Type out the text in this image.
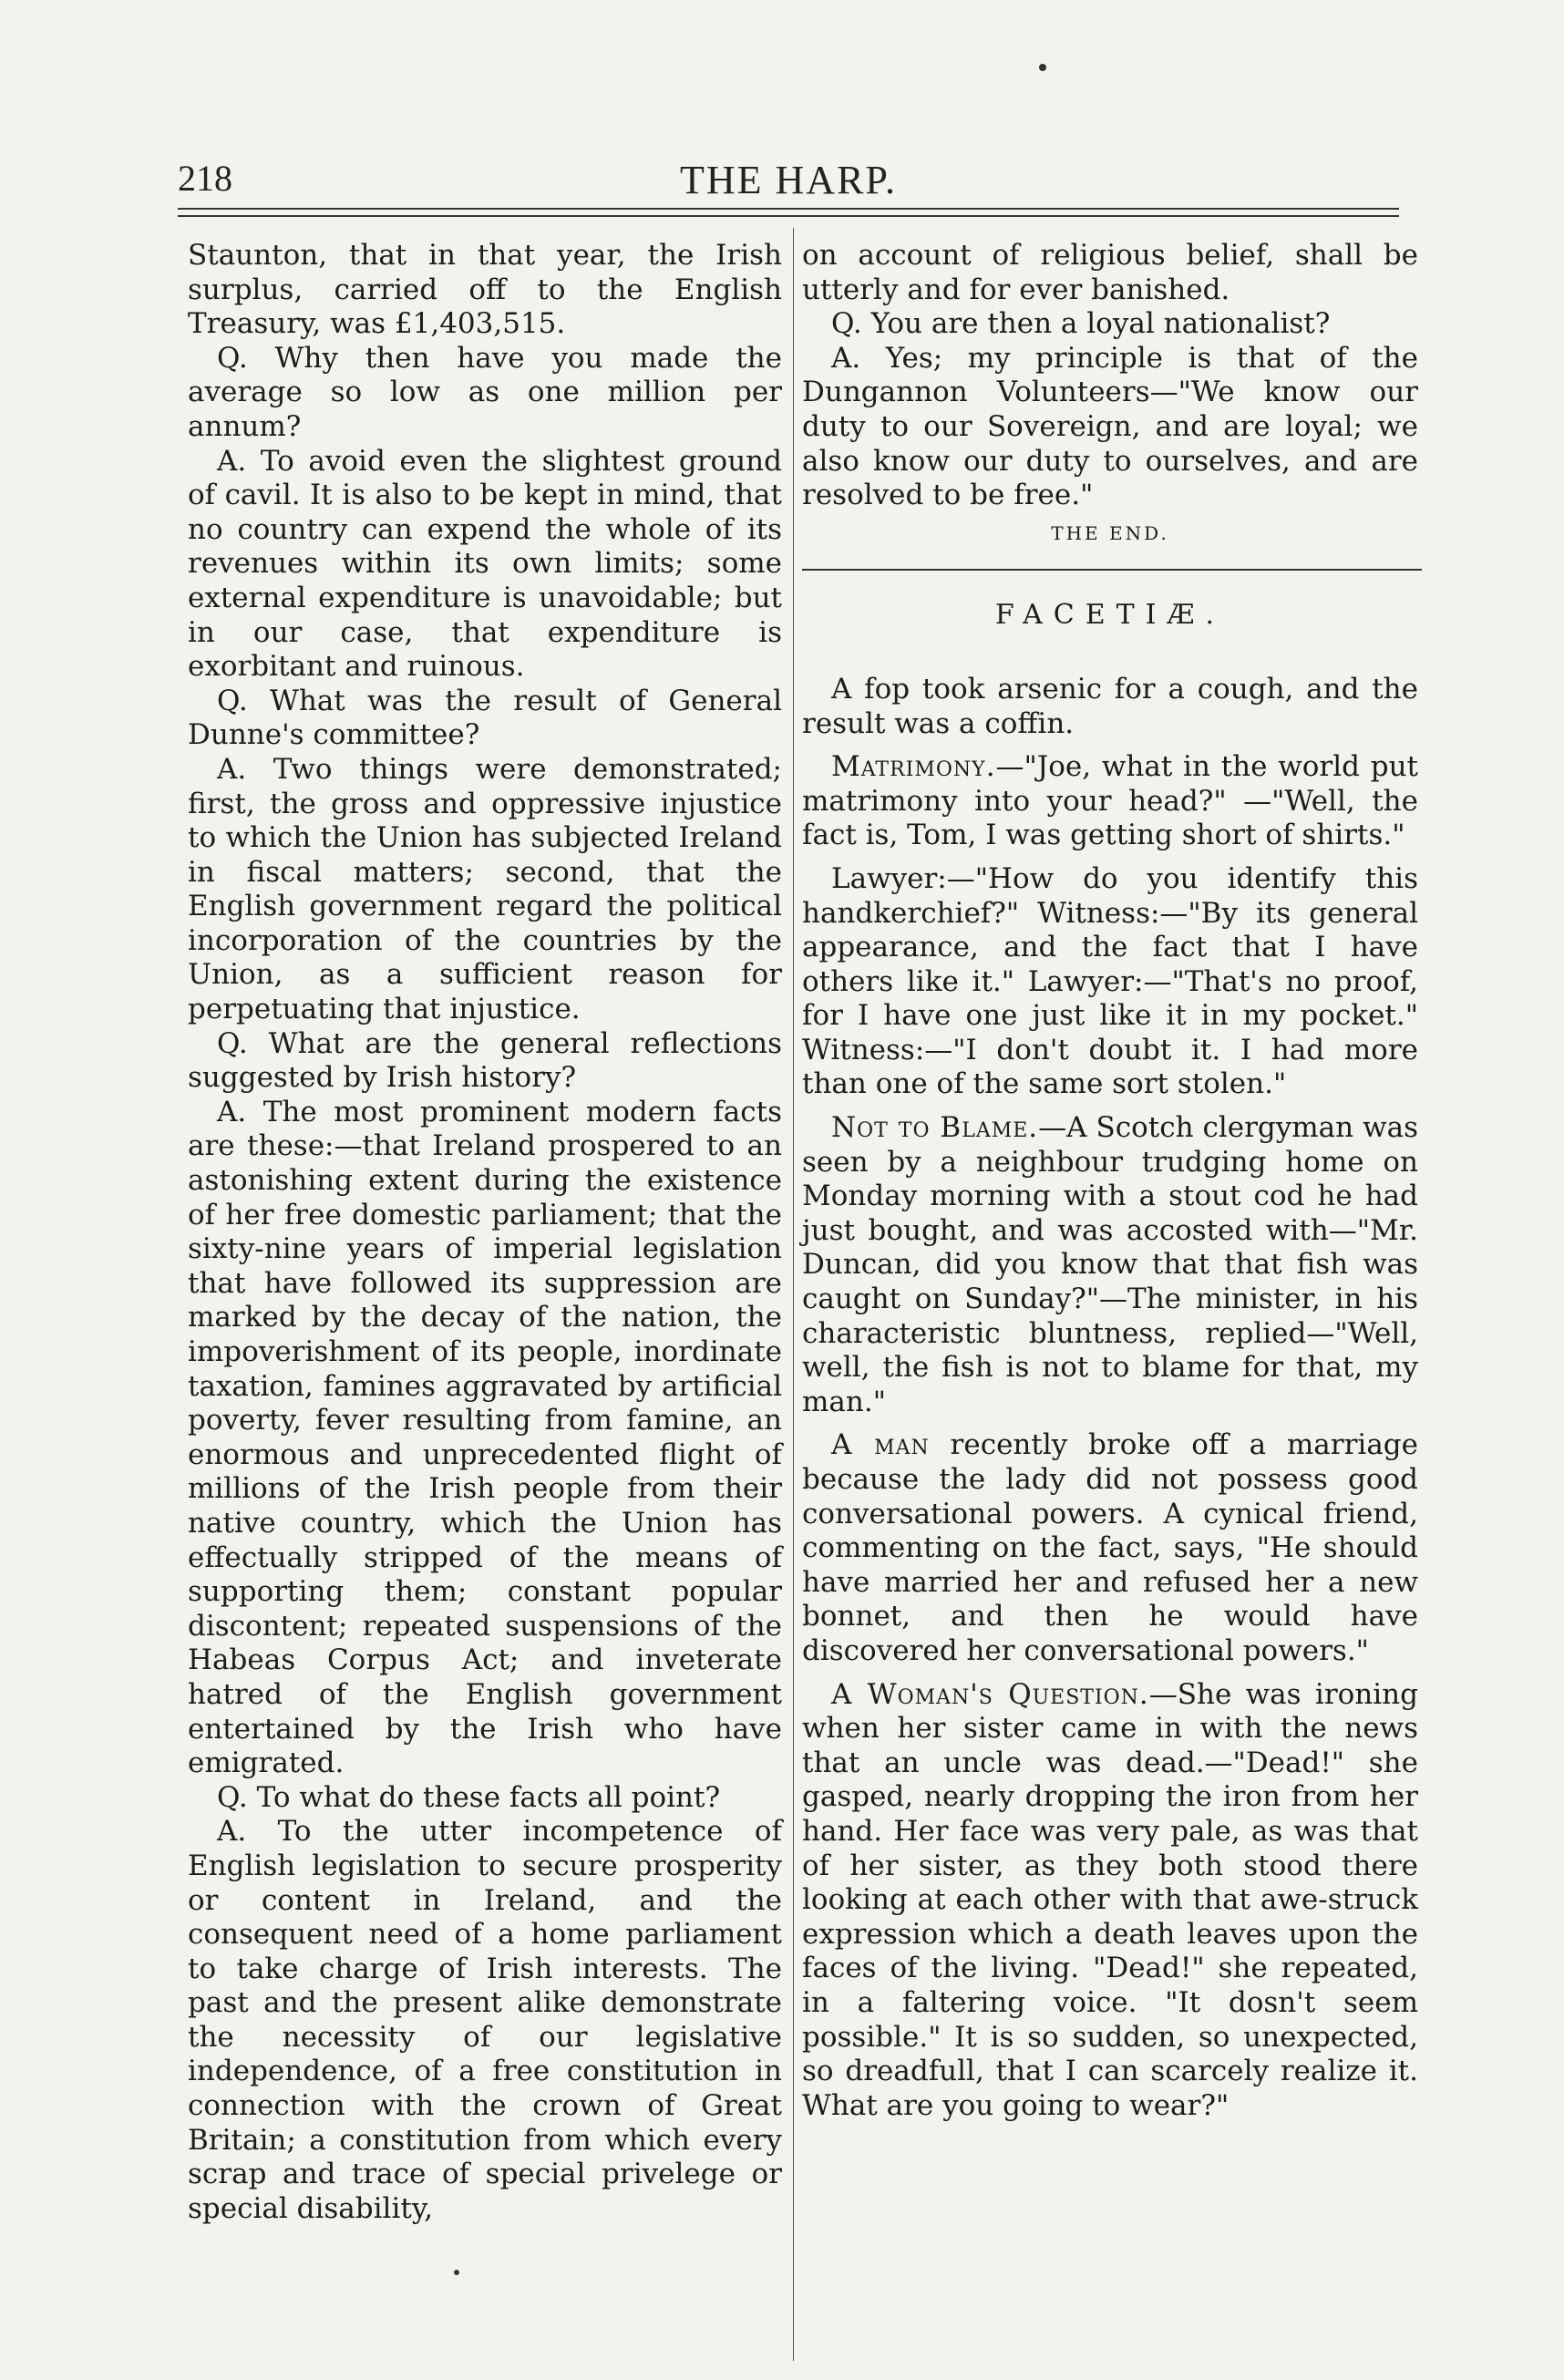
218	THE HARP.

Staunton, that in that year, the Irish surplus, carried off to the English Treasury, was £1,403,515.

Q. Why then have you made the average so low as one million per annum?

A. To avoid even the slightest ground of cavil. It is also to be kept in mind, that no country can expend the whole of its revenues within its own limits; some external expenditure is unavoidable; but in our case, that expenditure is exorbitant and ruinous.

Q. What was the result of General Dunne's committee?

A. Two things were demonstrated; first, the gross and oppressive injustice to which the Union has subjected Ireland in fiscal matters; second, that the English government regard the political incorporation of the countries by the Union, as a sufficient reason for perpetuating that injustice.

Q. What are the general reflections suggested by Irish history?

A. The most prominent modern facts are these:—that Ireland prospered to an astonishing extent during the existence of her free domestic parliament; that the sixty-nine years of imperial legislation that have followed its suppression are marked by the decay of the nation, the impoverishment of its people, inordinate taxation, famines aggravated by artificial poverty, fever resulting from famine, an enormous and unprecedented flight of millions of the Irish people from their native country, which the Union has effectually stripped of the means of supporting them; constant popular discontent; repeated suspensions of the Habeas Corpus Act; and inveterate hatred of the English government entertained by the Irish who have emigrated.

Q. To what do these facts all point?

A. To the utter incompetence of English legislation to secure prosperity or content in Ireland, and the consequent need of a home parliament to take charge of Irish interests. The past and the present alike demonstrate the necessity of our legislative independence, of a free constitution in connection with the crown of Great Britain; a constitution from which every scrap and trace of special privelege or special disability,

on account of religious belief, shall be utterly and for ever banished.

Q. You are then a loyal nationalist?

A. Yes; my principle is that of the Dungannon Volunteers—"We know our duty to our Sovereign, and are loyal; we also know our duty to ourselves, and are resolved to be free."

THE END.
FACETIÆ.

A fop took arsenic for a cough, and the result was a coffin.

Matrimony.—"Joe, what in the world put matrimony into your head?" —"Well, the fact is, Tom, I was getting short of shirts."

Lawyer:—"How do you identify this handkerchief?" Witness:—"By its general appearance, and the fact that I have others like it." Lawyer:—"That's no proof, for I have one just like it in my pocket." Witness:—"I don't doubt it. I had more than one of the same sort stolen."

Not to Blame.—A Scotch clergyman was seen by a neighbour trudging home on Monday morning with a stout cod he had just bought, and was accosted with—"Mr. Duncan, did you know that that fish was caught on Sunday?"—The minister, in his characteristic bluntness, replied—"Well, well, the fish is not to blame for that, my man."

A man recently broke off a marriage because the lady did not possess good conversational powers. A cynical friend, commenting on the fact, says, "He should have married her and refused her a new bonnet, and then he would have discovered her conversational powers."

A Woman's Question.—She was ironing when her sister came in with the news that an uncle was dead.—"Dead!" she gasped, nearly dropping the iron from her hand. Her face was very pale, as was that of her sister, as they both stood there looking at each other with that awe-struck expression which a death leaves upon the faces of the living. "Dead!" she repeated, in a faltering voice. "It dosn't seem possible." It is so sudden, so unexpected, so dreadfull, that I can scarcely realize it. What are you going to wear?"
